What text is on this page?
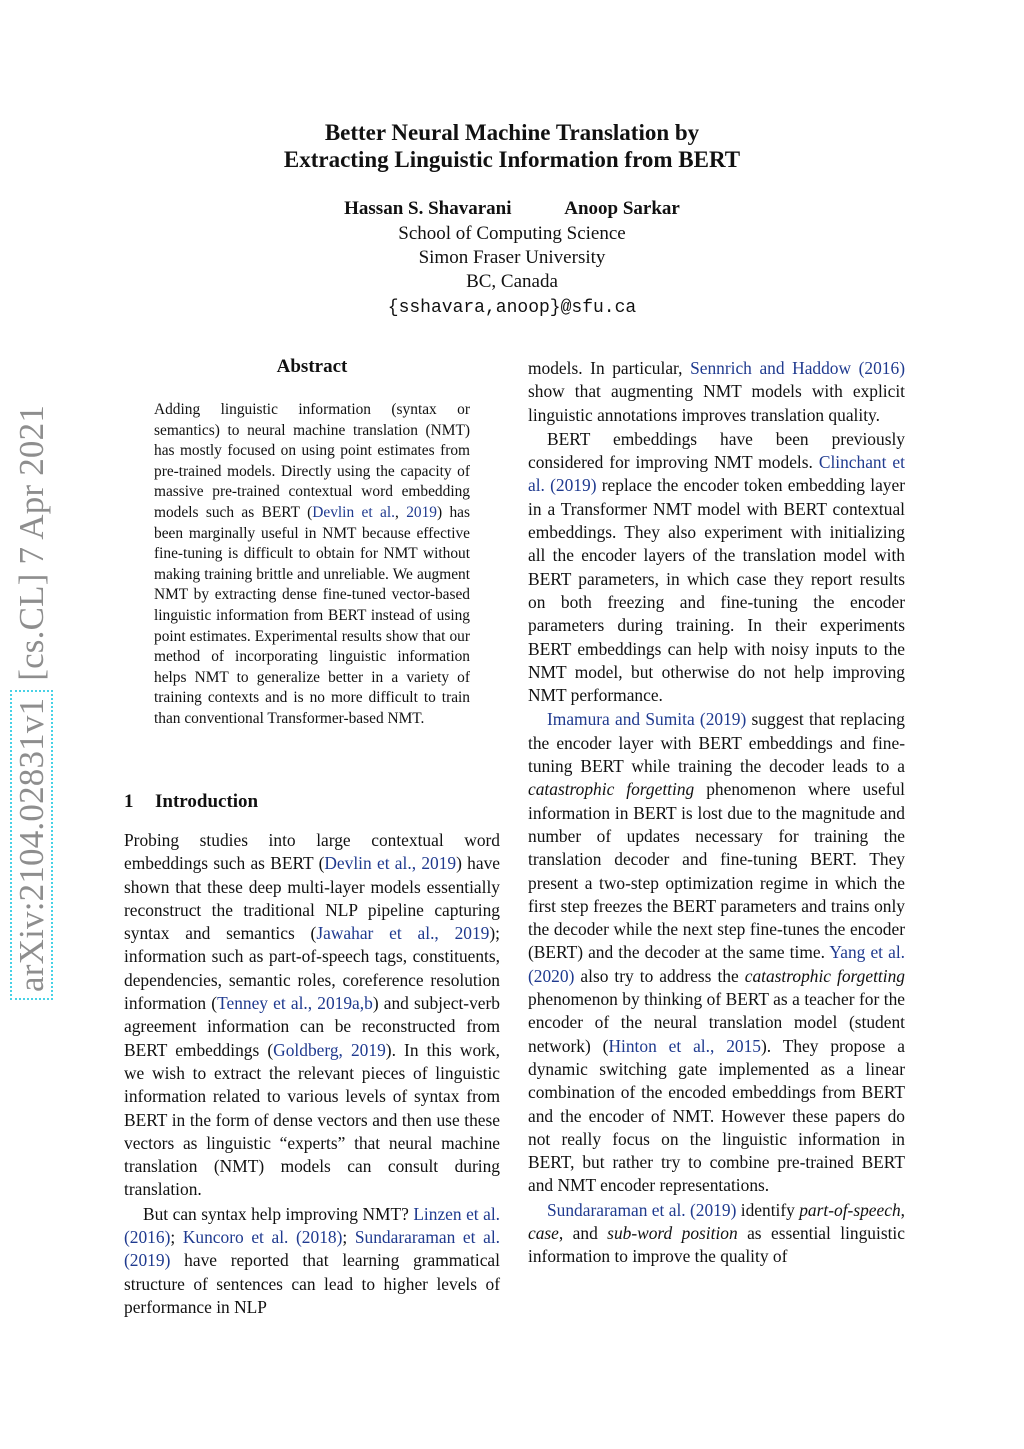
arXiv:2104.02831v1 [cs.CL] 7 Apr 2021
Better Neural Machine Translation by
Extracting Linguistic Information from BERT
Hassan S. Shavarani	Anoop Sarkar
School of Computing Science
Simon Fraser University
BC, Canada
{sshavara,anoop}@sfu.ca
Abstract
Adding linguistic information (syntax or semantics) to neural machine translation (NMT) has mostly focused on using point estimates from pre-trained models. Directly using the capacity of massive pre-trained contextual word embedding models such as BERT (Devlin et al., 2019) has been marginally useful in NMT because effective fine-tuning is difficult to obtain for NMT without making training brittle and unreliable. We augment NMT by extracting dense fine-tuned vector-based linguistic information from BERT instead of using point estimates. Experimental results show that our method of incorporating linguistic information helps NMT to generalize better in a variety of training contexts and is no more difficult to train than conventional Transformer-based NMT.
1 Introduction

Probing studies into large contextual word embeddings such as BERT (Devlin et al., 2019) have shown that these deep multi-layer models essentially reconstruct the traditional NLP pipeline capturing syntax and semantics (Jawahar et al., 2019); information such as part-of-speech tags, constituents, dependencies, semantic roles, coreference resolution information (Tenney et al., 2019a,b) and subject-verb agreement information can be reconstructed from BERT embeddings (Goldberg, 2019). In this work, we wish to extract the relevant pieces of linguistic information related to various levels of syntax from BERT in the form of dense vectors and then use these vectors as linguistic “experts” that neural machine translation (NMT) models can consult during translation.

But can syntax help improving NMT? Linzen et al. (2016); Kuncoro et al. (2018); Sundararaman et al. (2019) have reported that learning grammatical structure of sentences can lead to higher levels of performance in NLP

models. In particular, Sennrich and Haddow (2016) show that augmenting NMT models with explicit linguistic annotations improves translation quality.

BERT embeddings have been previously considered for improving NMT models. Clinchant et al. (2019) replace the encoder token embedding layer in a Transformer NMT model with BERT contextual embeddings. They also experiment with initializing all the encoder layers of the translation model with BERT parameters, in which case they report results on both freezing and fine-tuning the encoder parameters during training. In their experiments BERT embeddings can help with noisy inputs to the NMT model, but otherwise do not help improving NMT performance.

Imamura and Sumita (2019) suggest that replacing the encoder layer with BERT embeddings and fine-tuning BERT while training the decoder leads to a catastrophic forgetting phenomenon where useful information in BERT is lost due to the magnitude and number of updates necessary for training the translation decoder and fine-tuning BERT. They present a two-step optimization regime in which the first step freezes the BERT parameters and trains only the decoder while the next step fine-tunes the encoder (BERT) and the decoder at the same time. Yang et al. (2020) also try to address the catastrophic forgetting phenomenon by thinking of BERT as a teacher for the encoder of the neural translation model (student network) (Hinton et al., 2015). They propose a dynamic switching gate implemented as a linear combination of the encoded embeddings from BERT and the encoder of NMT. However these papers do not really focus on the linguistic information in BERT, but rather try to combine pre-trained BERT and NMT encoder representations.

Sundararaman et al. (2019) identify part-of-speech, case, and sub-word position as essential linguistic information to improve the quality of
